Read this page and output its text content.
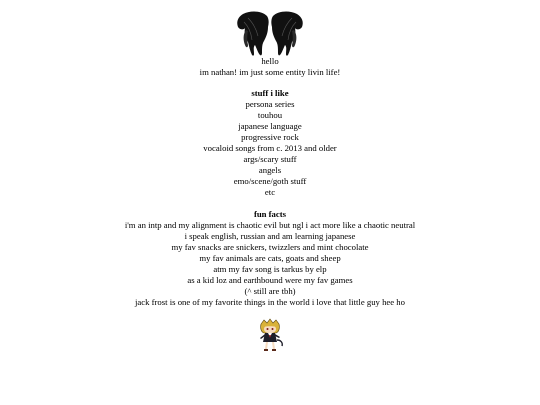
hello
im nathan! im just some entity livin life!
stuff i like
persona series
touhou
japanese language
progressive rock
vocaloid songs from c. 2013 and older
args/scary stuff
angels
emo/scene/goth stuff
etc
fun facts
i'm an intp and my alignment is chaotic evil but ngl i act more like a chaotic neutral
i speak english, russian and am learning japanese
my fav snacks are snickers, twizzlers and mint chocolate
my fav animals are cats, goats and sheep
atm my fav song is tarkus by elp
as a kid loz and earthbound were my fav games
(^ still are tbh)
jack frost is one of my favorite things in the world i love that little guy hee ho
